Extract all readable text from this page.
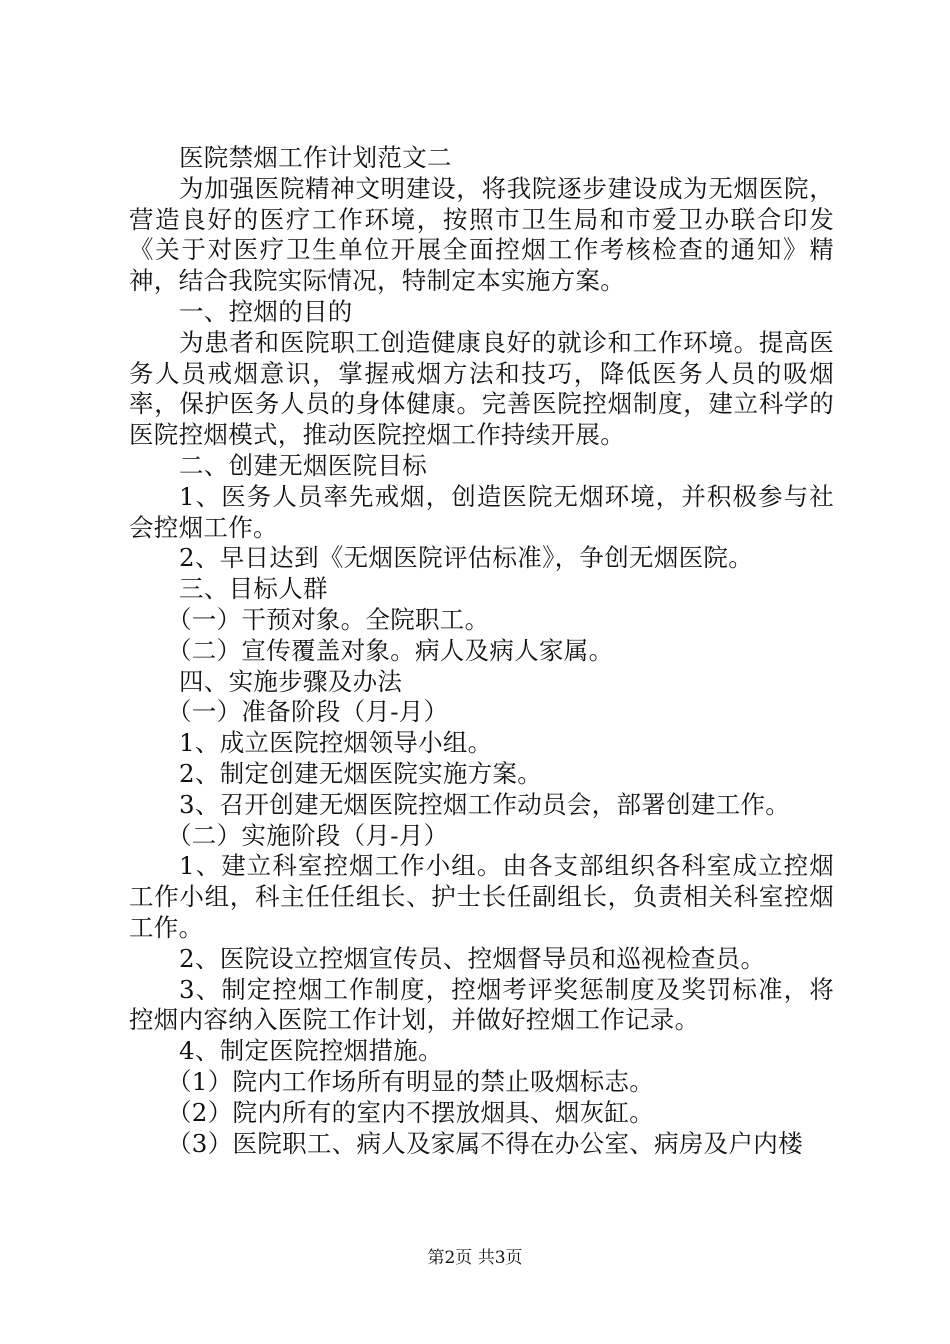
医院禁烟工作计划范文二

为加强医院精神文明建设，将我院逐步建设成为无烟医院，营造良好的医疗工作环境，按照市卫生局和市爱卫办联合印发《关于对医疗卫生单位开展全面控烟工作考核检查的通知》精神，结合我院实际情况，特制定本实施方案。

一、控烟的目的

为患者和医院职工创造健康良好的就诊和工作环境。提高医务人员戒烟意识，掌握戒烟方法和技巧，降低医务人员的吸烟率，保护医务人员的身体健康。完善医院控烟制度，建立科学的医院控烟模式，推动医院控烟工作持续开展。

二、创建无烟医院目标

1、医务人员率先戒烟，创造医院无烟环境，并积极参与社会控烟工作。

2、早日达到《无烟医院评估标准》，争创无烟医院。

三、目标人群

（一）干预对象。全院职工。

（二）宣传覆盖对象。病人及病人家属。

四、实施步骤及办法

（一）准备阶段（月-月）

1、成立医院控烟领导小组。

2、制定创建无烟医院实施方案。

3、召开创建无烟医院控烟工作动员会，部署创建工作。

（二）实施阶段（月-月）

1、建立科室控烟工作小组。由各支部组织各科室成立控烟工作小组，科主任任组长、护士长任副组长，负责相关科室控烟工作。

2、医院设立控烟宣传员、控烟督导员和巡视检查员。

3、制定控烟工作制度，控烟考评奖惩制度及奖罚标准，将控烟内容纳入医院工作计划，并做好控烟工作记录。

4、制定医院控烟措施。

（1）院内工作场所有明显的禁止吸烟标志。

（2）院内所有的室内不摆放烟具、烟灰缸。

（3）医院职工、病人及家属不得在办公室、病房及户内楼

第2页 共3页
